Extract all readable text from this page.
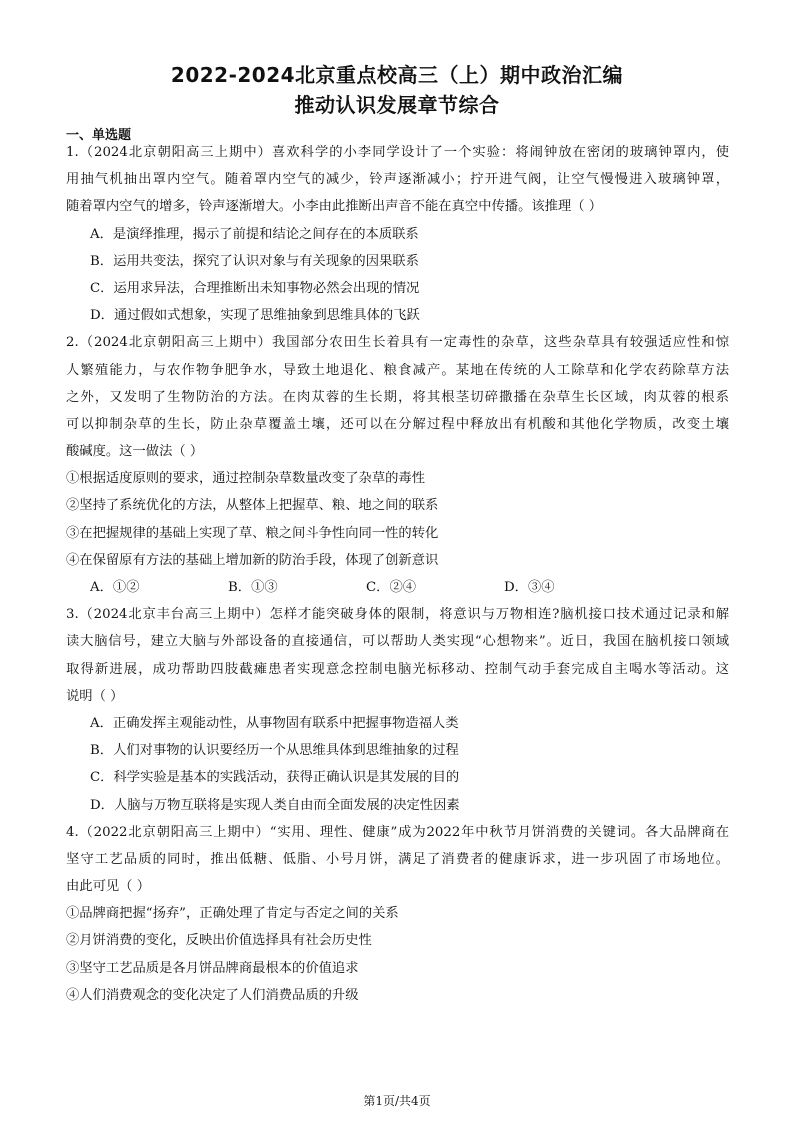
2022-2024北京重点校高三（上）期中政治汇编
推动认识发展章节综合
一、单选题
1.（2024北京朝阳高三上期中）喜欢科学的小李同学设计了一个实验：将闹钟放在密闭的玻璃钟罩内，使
用抽气机抽出罩内空气。随着罩内空气的减少，铃声逐渐减小；拧开进气阀，让空气慢慢进入玻璃钟罩，
随着罩内空气的增多，铃声逐渐增大。小李由此推断出声音不能在真空中传播。该推理（ ）
A．是演绎推理，揭示了前提和结论之间存在的本质联系
B．运用共变法，探究了认识对象与有关现象的因果联系
C．运用求异法，合理推断出未知事物必然会出现的情况
D．通过假如式想象，实现了思维抽象到思维具体的飞跃
2.（2024北京朝阳高三上期中）我国部分农田生长着具有一定毒性的杂草，这些杂草具有较强适应性和惊
人繁殖能力，与农作物争肥争水，导致土地退化、粮食减产。某地在传统的人工除草和化学农药除草方法
之外，又发明了生物防治的方法。在肉苁蓉的生长期，将其根茎切碎撒播在杂草生长区域，肉苁蓉的根系
可以抑制杂草的生长，防止杂草覆盖土壤，还可以在分解过程中释放出有机酸和其他化学物质，改变土壤
酸碱度。这一做法（ ）
①根据适度原则的要求，通过控制杂草数量改变了杂草的毒性
②坚持了系统优化的方法，从整体上把握草、粮、地之间的联系
③在把握规律的基础上实现了草、粮之间斗争性向同一性的转化
④在保留原有方法的基础上增加新的防治手段，体现了创新意识
A．①②	B．①③	C．②④	D．③④
3.（2024北京丰台高三上期中）怎样才能突破身体的限制，将意识与万物相连?脑机接口技术通过记录和解
读大脑信号，建立大脑与外部设备的直接通信，可以帮助人类实现“心想物来”。近日，我国在脑机接口领域
取得新进展，成功帮助四肢截瘫患者实现意念控制电脑光标移动、控制气动手套完成自主喝水等活动。这
说明（ ）
A．正确发挥主观能动性，从事物固有联系中把握事物造福人类
B．人们对事物的认识要经历一个从思维具体到思维抽象的过程
C．科学实验是基本的实践活动，获得正确认识是其发展的目的
D．人脑与万物互联将是实现人类自由而全面发展的决定性因素
4.（2022北京朝阳高三上期中）“实用、理性、健康”成为2022年中秋节月饼消费的关键词。各大品牌商在
坚守工艺品质的同时，推出低糖、低脂、小号月饼，满足了消费者的健康诉求，进一步巩固了市场地位。
由此可见（ ）
①品牌商把握“扬弃”，正确处理了肯定与否定之间的关系
②月饼消费的变化，反映出价值选择具有社会历史性
③坚守工艺品质是各月饼品牌商最根本的价值追求
④人们消费观念的变化决定了人们消费品质的升级
第1页/共4页
